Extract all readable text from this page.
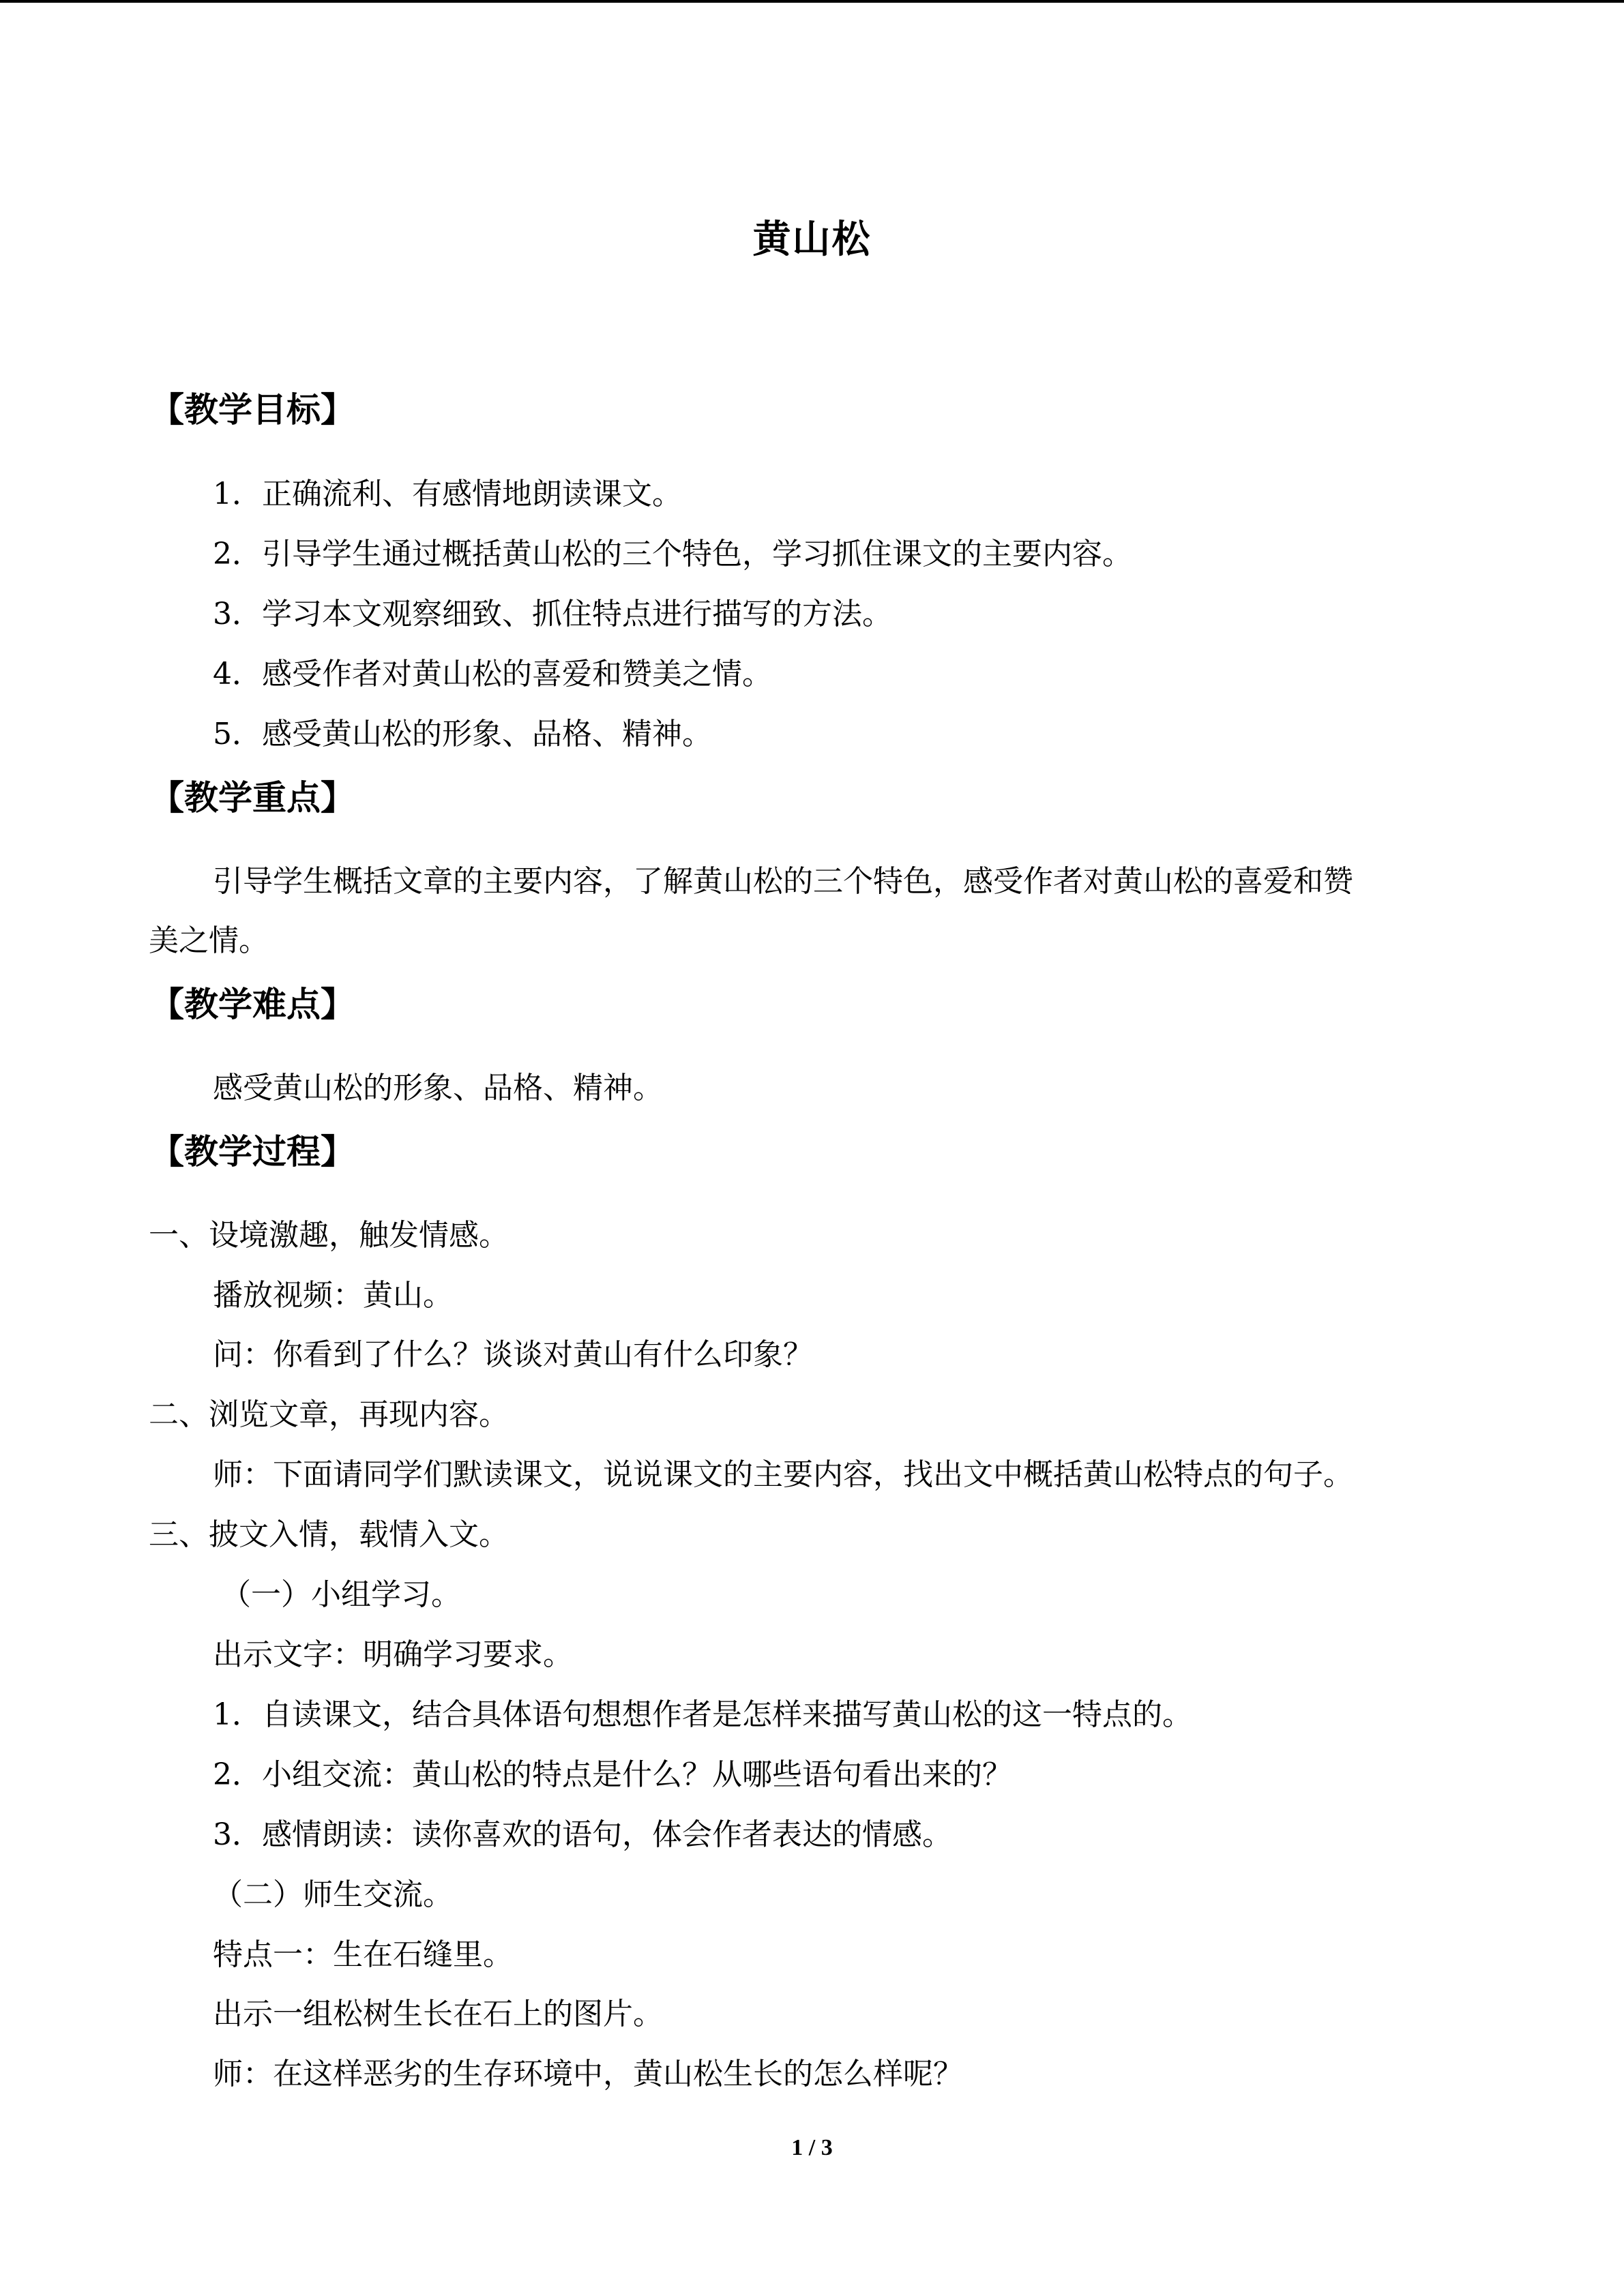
黄山松
【教学目标】
1．正确流利、有感情地朗读课文。
2．引导学生通过概括黄山松的三个特色，学习抓住课文的主要内容。
3．学习本文观察细致、抓住特点进行描写的方法。
4．感受作者对黄山松的喜爱和赞美之情。
5．感受黄山松的形象、品格、精神。
【教学重点】
引导学生概括文章的主要内容，了解黄山松的三个特色，感受作者对黄山松的喜爱和赞
美之情。
【教学难点】
感受黄山松的形象、品格、精神。
【教学过程】
一、设境激趣，触发情感。
播放视频：黄山。
问：你看到了什么？谈谈对黄山有什么印象？
二、浏览文章，再现内容。
师：下面请同学们默读课文，说说课文的主要内容，找出文中概括黄山松特点的句子。
三、披文入情，载情入文。
（一）小组学习。
出示文字：明确学习要求。
1．自读课文，结合具体语句想想作者是怎样来描写黄山松的这一特点的。
2．小组交流：黄山松的特点是什么？从哪些语句看出来的？
3．感情朗读：读你喜欢的语句，体会作者表达的情感。
（二）师生交流。
特点一：生在石缝里。
出示一组松树生长在石上的图片。
师：在这样恶劣的生存环境中，黄山松生长的怎么样呢？
1 / 3
